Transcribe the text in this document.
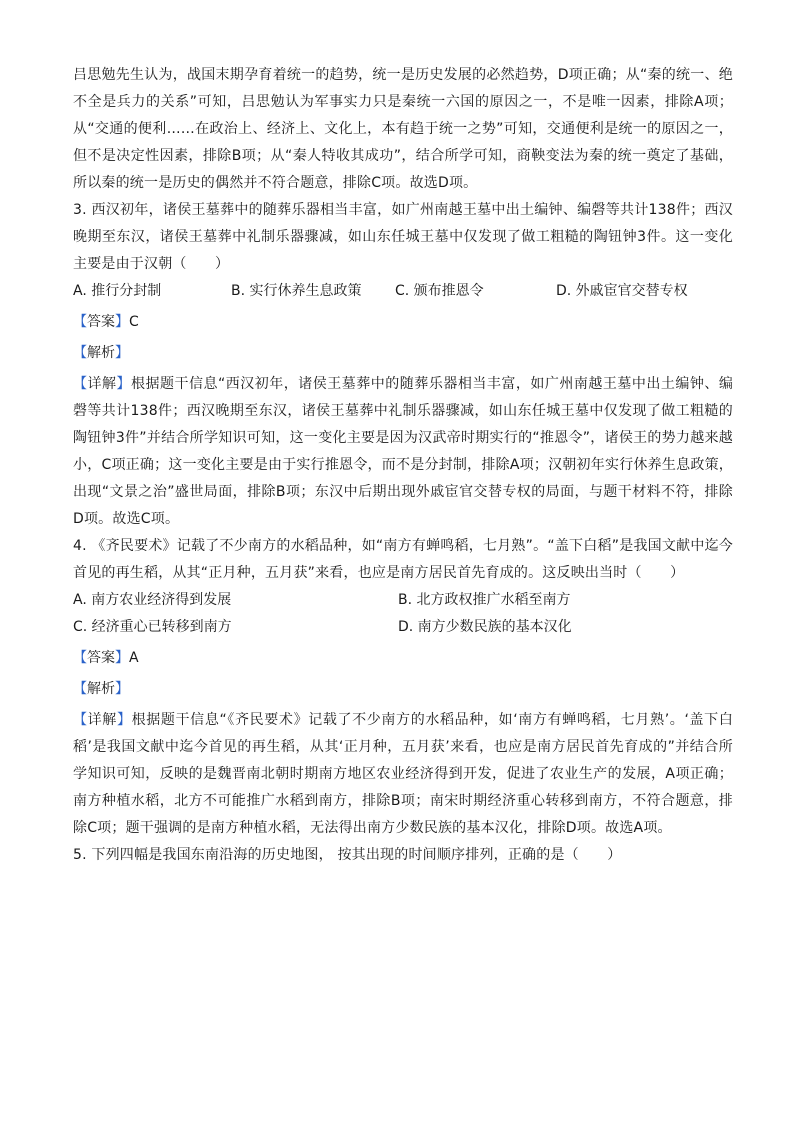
吕思勉先生认为，战国末期孕育着统一的趋势，统一是历史发展的必然趋势，D项正确；从“秦的统一、绝不全是兵力的关系”可知，吕思勉认为军事实力只是秦统一六国的原因之一，不是唯一因素，排除A项；从“交通的便利……在政治上、经济上、文化上，本有趋于统一之势”可知，交通便利是统一的原因之一，但不是决定性因素，排除B项；从“秦人特收其成功”，结合所学可知，商鞅变法为秦的统一奠定了基础，所以秦的统一是历史的偶然并不符合题意，排除C项。故选D项。

3. 西汉初年，诸侯王墓葬中的随葬乐器相当丰富，如广州南越王墓中出土编钟、编磬等共计138件；西汉晚期至东汉，诸侯王墓葬中礼制乐器骤减，如山东任城王墓中仅发现了做工粗糙的陶钮钟3件。这一变化主要是由于汉朝（　　）

A. 推行分封制	B. 实行休养生息政策	C. 颁布推恩令	D. 外戚宦官交替专权
【答案】 C
【解析】

【详解】根据题干信息“西汉初年，诸侯王墓葬中的随葬乐器相当丰富，如广州南越王墓中出土编钟、编磬等共计138件；西汉晚期至东汉，诸侯王墓葬中礼制乐器骤减，如山东任城王墓中仅发现了做工粗糙的陶钮钟3件”并结合所学知识可知，这一变化主要是因为汉武帝时期实行的“推恩令”，诸侯王的势力越来越小，C项正确；这一变化主要是由于实行推恩令，而不是分封制，排除A项；汉朝初年实行休养生息政策，出现“文景之治”盛世局面，排除B项；东汉中后期出现外戚宦官交替专权的局面，与题干材料不符，排除D项。故选C项。

4. 《齐民要术》记载了不少南方的水稻品种，如“南方有蝉鸣稻，七月熟”。“盖下白稻”是我国文献中迄今首见的再生稻，从其“正月种，五月获”来看，也应是南方居民首先育成的。这反映出当时（　　）

A. 南方农业经济得到发展	B. 北方政权推广水稻至南方
C. 经济重心已转移到南方	D. 南方少数民族的基本汉化
【答案】 A
【解析】

【详解】根据题干信息“《齐民要术》记载了不少南方的水稻品种，如‘南方有蝉鸣稻，七月熟’。‘盖下白稻’是我国文献中迄今首见的再生稻，从其‘正月种，五月获’来看，也应是南方居民首先育成的”并结合所学知识可知，反映的是魏晋南北朝时期南方地区农业经济得到开发，促进了农业生产的发展，A项正确；南方种植水稻，北方不可能推广水稻到南方，排除B项；南宋时期经济重心转移到南方，不符合题意，排除C项；题干强调的是南方种植水稻，无法得出南方少数民族的基本汉化，排除D项。故选A项。

5. 下列四幅是我国东南沿海的历史地图， 按其出现的时间顺序排列，正确的是（　　）
